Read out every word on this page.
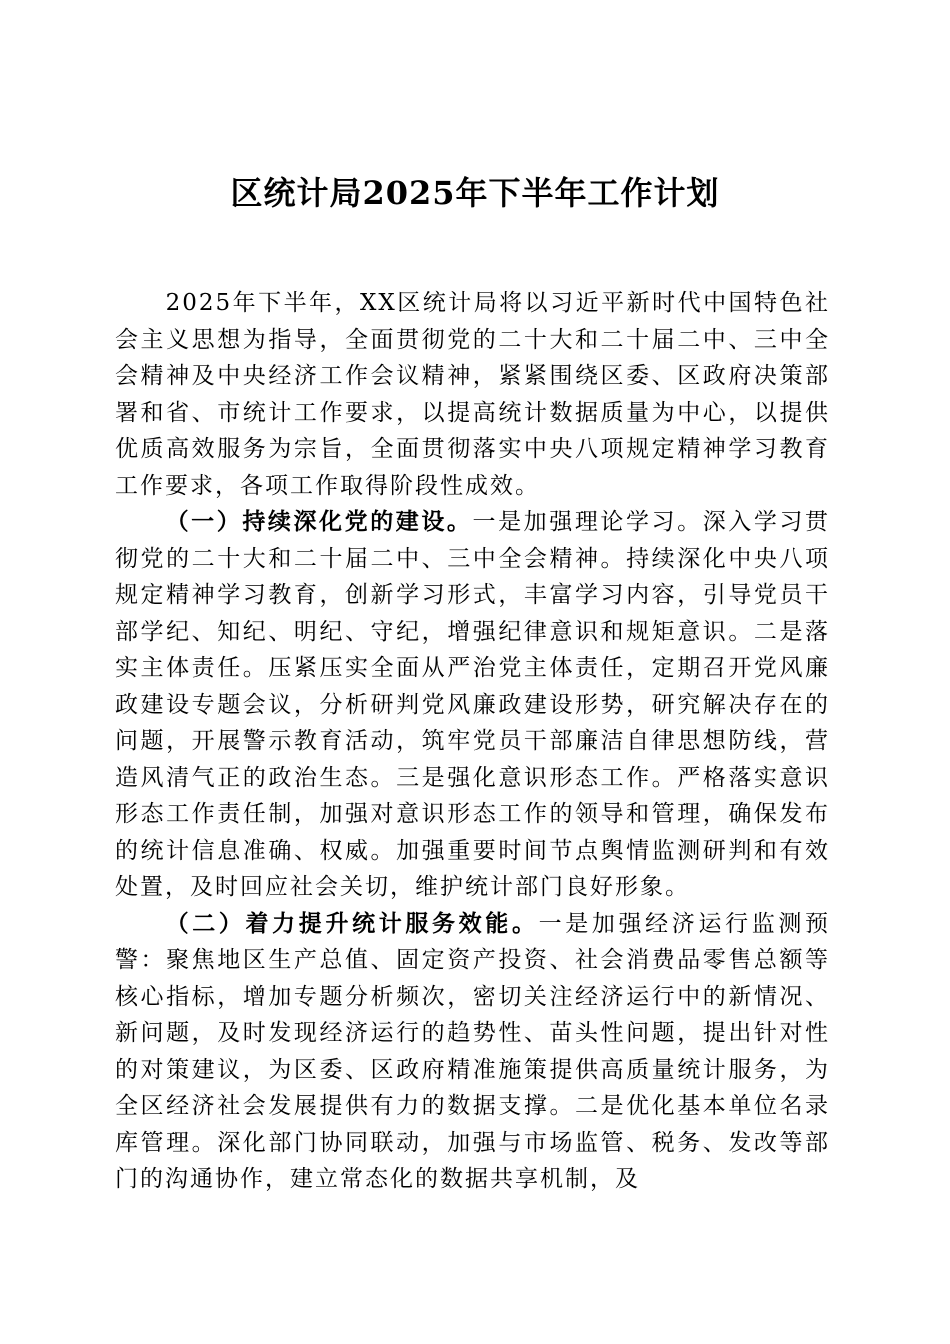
区统计局2025年下半年工作计划

2025年下半年，XX区统计局将以习近平新时代中国特色社会主义思想为指导，全面贯彻党的二十大和二十届二中、三中全会精神及中央经济工作会议精神，紧紧围绕区委、区政府决策部署和省、市统计工作要求，以提高统计数据质量为中心，以提供优质高效服务为宗旨，全面贯彻落实中央八项规定精神学习教育工作要求，各项工作取得阶段性成效。

（一）持续深化党的建设。一是加强理论学习。深入学习贯彻党的二十大和二十届二中、三中全会精神。持续深化中央八项规定精神学习教育，创新学习形式，丰富学习内容，引导党员干部学纪、知纪、明纪、守纪，增强纪律意识和规矩意识。二是落实主体责任。压紧压实全面从严治党主体责任，定期召开党风廉政建设专题会议，分析研判党风廉政建设形势，研究解决存在的问题，开展警示教育活动，筑牢党员干部廉洁自律思想防线，营造风清气正的政治生态。三是强化意识形态工作。严格落实意识形态工作责任制，加强对意识形态工作的领导和管理，确保发布的统计信息准确、权威。加强重要时间节点舆情监测研判和有效处置，及时回应社会关切，维护统计部门良好形象。

（二）着力提升统计服务效能。一是加强经济运行监测预警：聚焦地区生产总值、固定资产投资、社会消费品零售总额等核心指标，增加专题分析频次，密切关注经济运行中的新情况、新问题，及时发现经济运行的趋势性、苗头性问题，提出针对性的对策建议，为区委、区政府精准施策提供高质量统计服务，为全区经济社会发展提供有力的数据支撑。二是优化基本单位名录库管理。深化部门协同联动，加强与市场监管、税务、发改等部门的沟通协作，建立常态化的数据共享机制，及
